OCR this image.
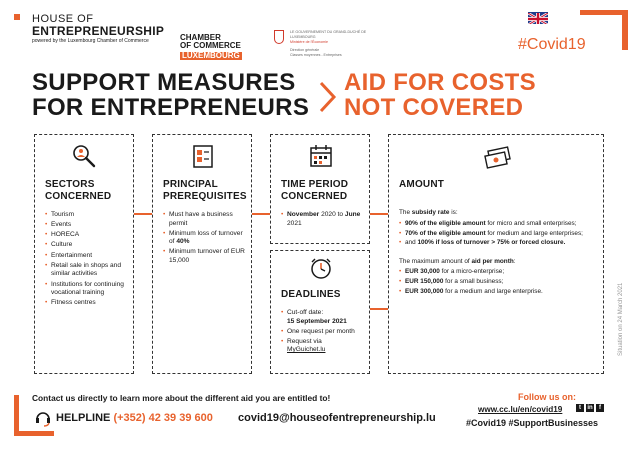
HOUSE OF
ENTREPRENEURSHIP
powered by the Luxembourg Chamber of Commerce	CHAMBER
OF COMMERCE
LUXEMBOURG
LE GOUVERNEMENT DU GRAND-DUCHÉ DE LUXEMBOURG
Ministère de l'Économie
Direction générale
Classes moyennes - Entreprises
#Covid19
SUPPORT MEASURES
FOR ENTREPRENEURS
AID FOR COSTS
NOT COVERED
SECTORS
CONCERNED
• Tourism
• Events
• HORECA
• Culture
• Entertainment
• Retail sale in shops and similar activities
• Institutions for continuing vocational training
• Fitness centres
PRINCIPAL
PREREQUISITES
• Must have a business permit
• Minimum loss of turnover of 40%
• Minimum turnover of EUR 15,000
TIME PERIOD
CONCERNED
• November 2020 to June 2021
DEADLINES
• Cut-off date:
15 September 2021
• One request per month
• Request via
MyGuichet.lu
AMOUNT
The subsidy rate is:
• 90% of the eligible amount for micro and small enterprises;
• 70% of the eligible amount for medium and large enterprises;
• and 100% if loss of turnover > 75% or forced closure.
The maximum amount of aid per month:
• EUR 30,000 for a micro-enterprise;
• EUR 150,000 for a small business;
• EUR 300,000 for a medium and large enterprise.	Situation on 24 March 2021
Contact us directly to learn more about the different aid you are entitled to!	Follow us on:
HELPLINE (+352) 42 39 39 600 covid19@houseofentrepreneurship.lu
www.cc.lu/en/covid19	t	in	f
#Covid19 #SupportBusinesses
